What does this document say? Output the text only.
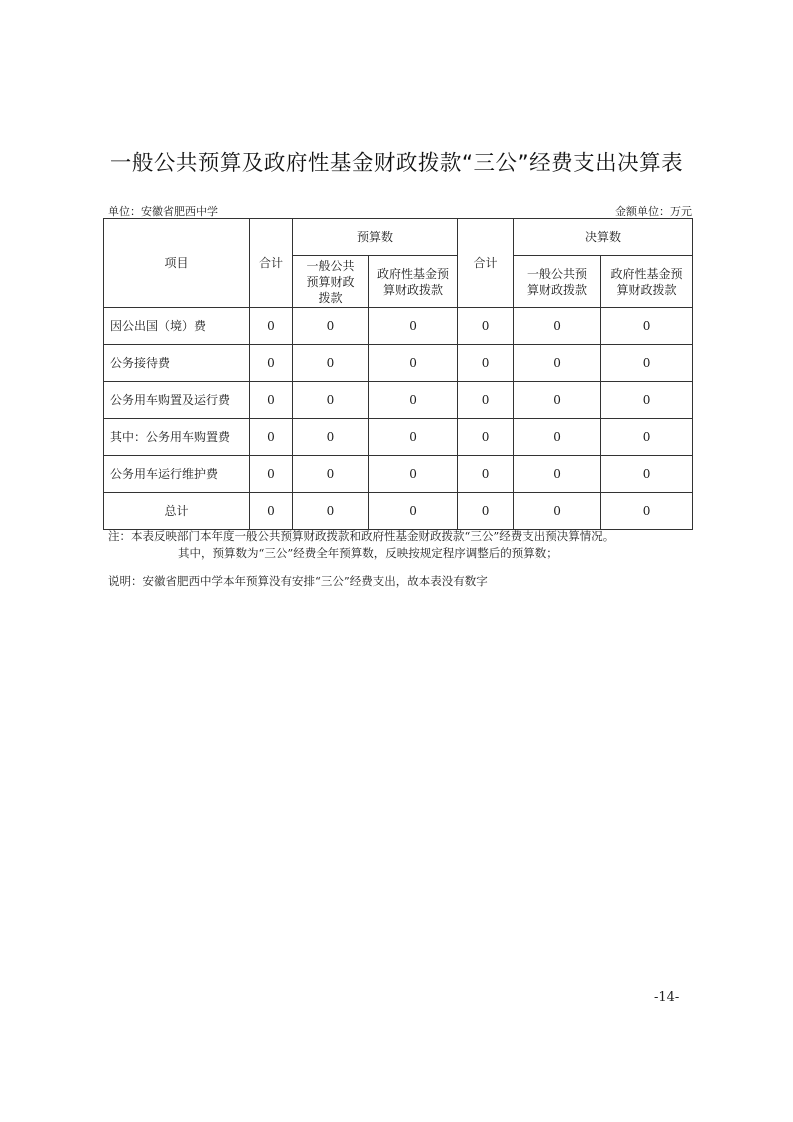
一般公共预算及政府性基金财政拨款“三公”经费支出决算表
单位：安徽省肥西中学	金额单位：万元
项目	合计	预算数		合计	决算数	
		一般公共预算财政拨款	政府性基金预算财政拨款		一般公共预算财政拨款	政府性基金预算财政拨款
因公出国（境）费	0	0	0	0	0	0
公务接待费	0	0	0	0	0	0
公务用车购置及运行费	0	0	0	0	0	0
其中：公务用车购置费	0	0	0	0	0	0
公务用车运行维护费	0	0	0	0	0	0
总计	0	0	0	0	0	0
注：本表反映部门本年度一般公共预算财政拨款和政府性基金财政拨款“三公”经费支出预决算情况。
其中，预算数为“三公”经费全年预算数，反映按规定程序调整后的预算数；
说明：安徽省肥西中学本年预算没有安排“三公”经费支出，故本表没有数字
-14-
